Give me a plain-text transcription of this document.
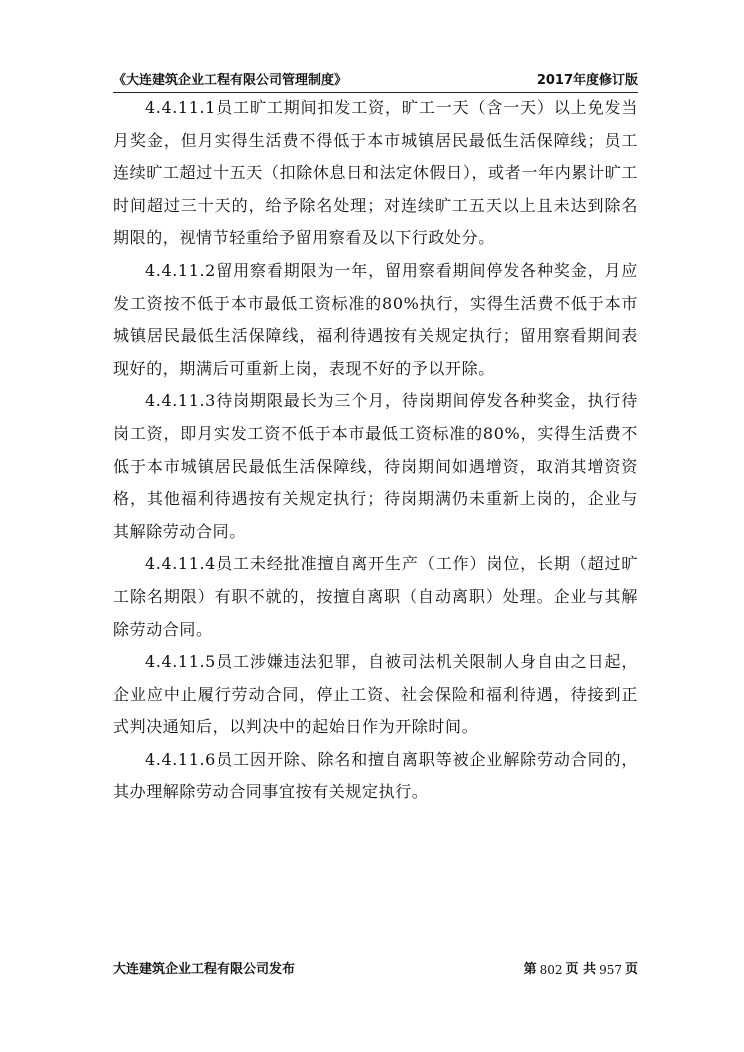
《大连建筑企业工程有限公司管理制度》	2017年度修订版

4.4.11.1员工旷工期间扣发工资，旷工一天（含一天）以上免发当月奖金，但月实得生活费不得低于本市城镇居民最低生活保障线；员工连续旷工超过十五天（扣除休息日和法定休假日），或者一年内累计旷工时间超过三十天的，给予除名处理；对连续旷工五天以上且未达到除名期限的，视情节轻重给予留用察看及以下行政处分。

4.4.11.2留用察看期限为一年，留用察看期间停发各种奖金，月应发工资按不低于本市最低工资标准的80%执行，实得生活费不低于本市城镇居民最低生活保障线，福利待遇按有关规定执行；留用察看期间表现好的，期满后可重新上岗，表现不好的予以开除。

4.4.11.3待岗期限最长为三个月，待岗期间停发各种奖金，执行待岗工资，即月实发工资不低于本市最低工资标准的80%，实得生活费不低于本市城镇居民最低生活保障线，待岗期间如遇增资，取消其增资资格，其他福利待遇按有关规定执行；待岗期满仍未重新上岗的，企业与其解除劳动合同。

4.4.11.4员工未经批准擅自离开生产（工作）岗位，长期（超过旷工除名期限）有职不就的，按擅自离职（自动离职）处理。企业与其解除劳动合同。

4.4.11.5员工涉嫌违法犯罪，自被司法机关限制人身自由之日起，企业应中止履行劳动合同，停止工资、社会保险和福利待遇，待接到正式判决通知后，以判决中的起始日作为开除时间。

4.4.11.6员工因开除、除名和擅自离职等被企业解除劳动合同的，其办理解除劳动合同事宜按有关规定执行。

大连建筑企业工程有限公司发布	第 802 页 共 957 页
